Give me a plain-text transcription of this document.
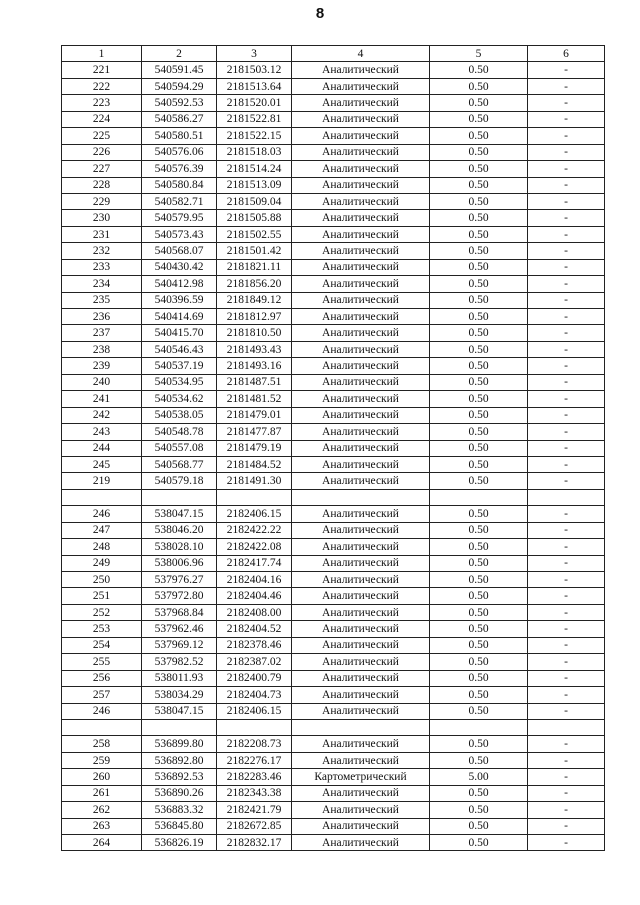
8
1	2	3	4	5	6
221	540591.45	2181503.12	Аналитический	0.50	-
222	540594.29	2181513.64	Аналитический	0.50	-
223	540592.53	2181520.01	Аналитический	0.50	-
224	540586.27	2181522.81	Аналитический	0.50	-
225	540580.51	2181522.15	Аналитический	0.50	-
226	540576.06	2181518.03	Аналитический	0.50	-
227	540576.39	2181514.24	Аналитический	0.50	-
228	540580.84	2181513.09	Аналитический	0.50	-
229	540582.71	2181509.04	Аналитический	0.50	-
230	540579.95	2181505.88	Аналитический	0.50	-
231	540573.43	2181502.55	Аналитический	0.50	-
232	540568.07	2181501.42	Аналитический	0.50	-
233	540430.42	2181821.11	Аналитический	0.50	-
234	540412.98	2181856.20	Аналитический	0.50	-
235	540396.59	2181849.12	Аналитический	0.50	-
236	540414.69	2181812.97	Аналитический	0.50	-
237	540415.70	2181810.50	Аналитический	0.50	-
238	540546.43	2181493.43	Аналитический	0.50	-
239	540537.19	2181493.16	Аналитический	0.50	-
240	540534.95	2181487.51	Аналитический	0.50	-
241	540534.62	2181481.52	Аналитический	0.50	-
242	540538.05	2181479.01	Аналитический	0.50	-
243	540548.78	2181477.87	Аналитический	0.50	-
244	540557.08	2181479.19	Аналитический	0.50	-
245	540568.77	2181484.52	Аналитический	0.50	-
219	540579.18	2181491.30	Аналитический	0.50	-

246	538047.15	2182406.15	Аналитический	0.50	-
247	538046.20	2182422.22	Аналитический	0.50	-
248	538028.10	2182422.08	Аналитический	0.50	-
249	538006.96	2182417.74	Аналитический	0.50	-
250	537976.27	2182404.16	Аналитический	0.50	-
251	537972.80	2182404.46	Аналитический	0.50	-
252	537968.84	2182408.00	Аналитический	0.50	-
253	537962.46	2182404.52	Аналитический	0.50	-
254	537969.12	2182378.46	Аналитический	0.50	-
255	537982.52	2182387.02	Аналитический	0.50	-
256	538011.93	2182400.79	Аналитический	0.50	-
257	538034.29	2182404.73	Аналитический	0.50	-
246	538047.15	2182406.15	Аналитический	0.50	-

258	536899.80	2182208.73	Аналитический	0.50	-
259	536892.80	2182276.17	Аналитический	0.50	-
260	536892.53	2182283.46	Картометрический	5.00	-
261	536890.26	2182343.38	Аналитический	0.50	-
262	536883.32	2182421.79	Аналитический	0.50	-
263	536845.80	2182672.85	Аналитический	0.50	-
264	536826.19	2182832.17	Аналитический	0.50	-
